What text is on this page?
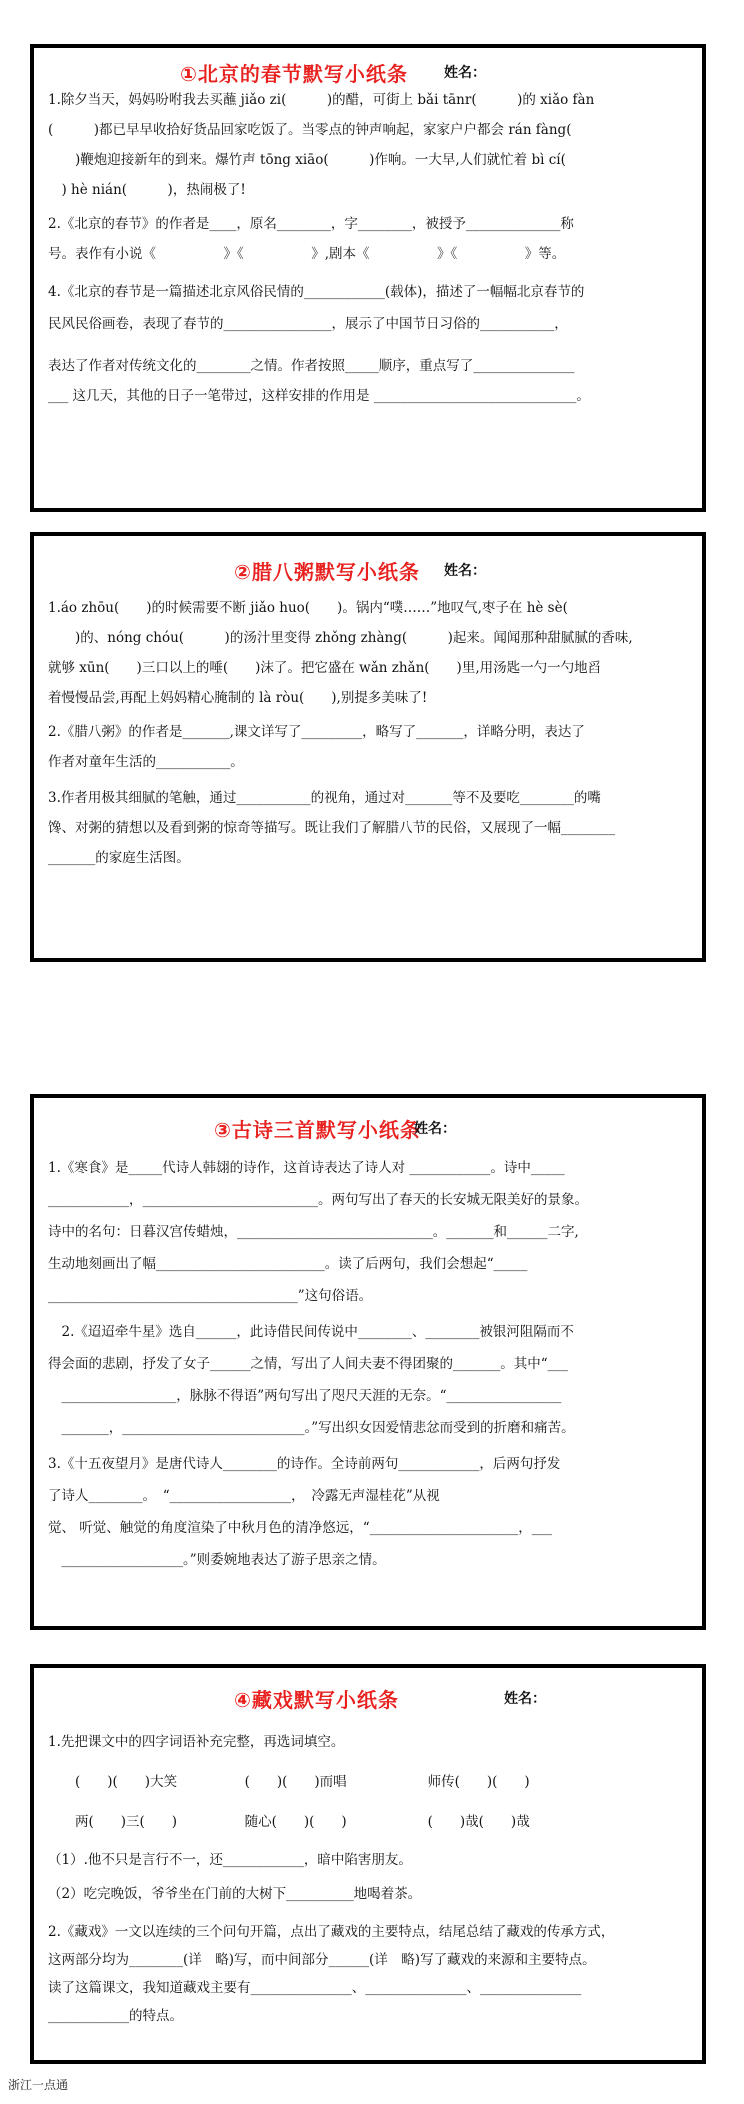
①北京的春节默写小纸条	姓名：
1.除夕当天，妈妈吩咐我去买蘸 jiǎo zi(　　　)的醋，可街上 bǎi tānr(　　　)的 xiǎo fàn
(　　　)都已早早收拾好货品回家吃饭了。当零点的钟声响起，家家户户都会 rán fàng(
　　)鞭炮迎接新年的到来。爆竹声 tōng xiāo(　　　)作响。一大早,人们就忙着 bì cí(
　) hè nián(　　　)，热闹极了!
2.《北京的春节》的作者是____，原名________，字________，被授予______________称
号。表作有小说《　　　　　》《　　　　　》,剧本《　　　　　》《　　　　　》等。
4.《北京的春节是一篇描述北京风俗民情的____________(载体)，描述了一幅幅北京春节的
民风民俗画卷，表现了春节的________________，展示了中国节日习俗的___________，
表达了作者对传统文化的________之情。作者按照_____顺序，重点写了_______________
___ 这几天，其他的日子一笔带过，这样安排的作用是 ______________________________。
②腊八粥默写小纸条 姓名：
1.áo zhōu(　　)的时候需要不断 jiǎo huo(　　)。锅内“噗……”地叹气,枣子在 hè sè(
　　)的、nóng chóu(　　　)的汤汁里变得 zhǒng zhàng(　　　)起来。闻闻那种甜腻腻的香味,
就够 xūn(　　)三口以上的唾(　　)沫了。把它盛在 wǎn zhǎn(　　)里,用汤匙一勺一勺地舀
着慢慢品尝,再配上妈妈精心腌制的 là ròu(　　),别提多美味了!
2.《腊八粥》的作者是_______,课文详写了_________，略写了_______，详略分明，表达了
作者对童年生活的___________。
3.作者用极其细腻的笔触，通过___________的视角，通过对_______等不及要吃________的嘴
馋、对粥的猜想以及看到粥的惊奇等描写。既让我们了解腊八节的民俗，又展现了一幅________
_______的家庭生活图。
③古诗三首默写小纸条
姓名：
1.《寒食》是_____代诗人韩翃的诗作，这首诗表达了诗人对 ____________。诗中_____
____________，__________________________。两句写出了春天的长安城无限美好的景象。
诗中的名句：日暮汉宫传蜡烛，_____________________________。_______和______二字,
生动地刻画出了幅_________________________。读了后两句，我们会想起“_____
_____________________________________”这句俗语。
　2.《迢迢牵牛星》选自______，此诗借民间传说中________、________被银河阻隔而不
得会面的悲剧，抒发了女子______之情，写出了人间夫妻不得团聚的_______。其中“___
　_________________，脉脉不得语”两句写出了咫尺天涯的无奈。“_________________
　_______，___________________________。”写出织女因爱情悲忿而受到的折磨和痛苦。
3.《十五夜望月》是唐代诗人________的诗作。全诗前两句____________，后两句抒发
了诗人________。　“__________________，　冷露无声湿桂花”从视
觉、 听觉、触觉的角度渲染了中秋月色的清净悠远，“______________________，___
　__________________。”则委婉地表达了游子思亲之情。
④藏戏默写小纸条	姓名：
1.先把课文中的四字词语补充完整，再选词填空。
　　(　　)(　　)大笑　　　　　(　　)(　　)而唱　　　　　　师传(　　)(　　)
　　两(　　)三(　　)　　　　　随心(　　)(　　)　　　　　　(　　)哉(　　)哉
（1）.他不只是言行不一，还____________，暗中陷害朋友。
（2）吃完晚饭，爷爷坐在门前的大树下__________地喝着茶。
2.《藏戏》一文以连续的三个问句开篇，点出了藏戏的主要特点，结尾总结了藏戏的传承方式，
这两部分均为________(详　略)写，而中间部分______(详　略)写了藏戏的来源和主要特点。
读了这篇课文，我知道藏戏主要有_______________、_______________、_______________
____________的特点。
浙江一点通
